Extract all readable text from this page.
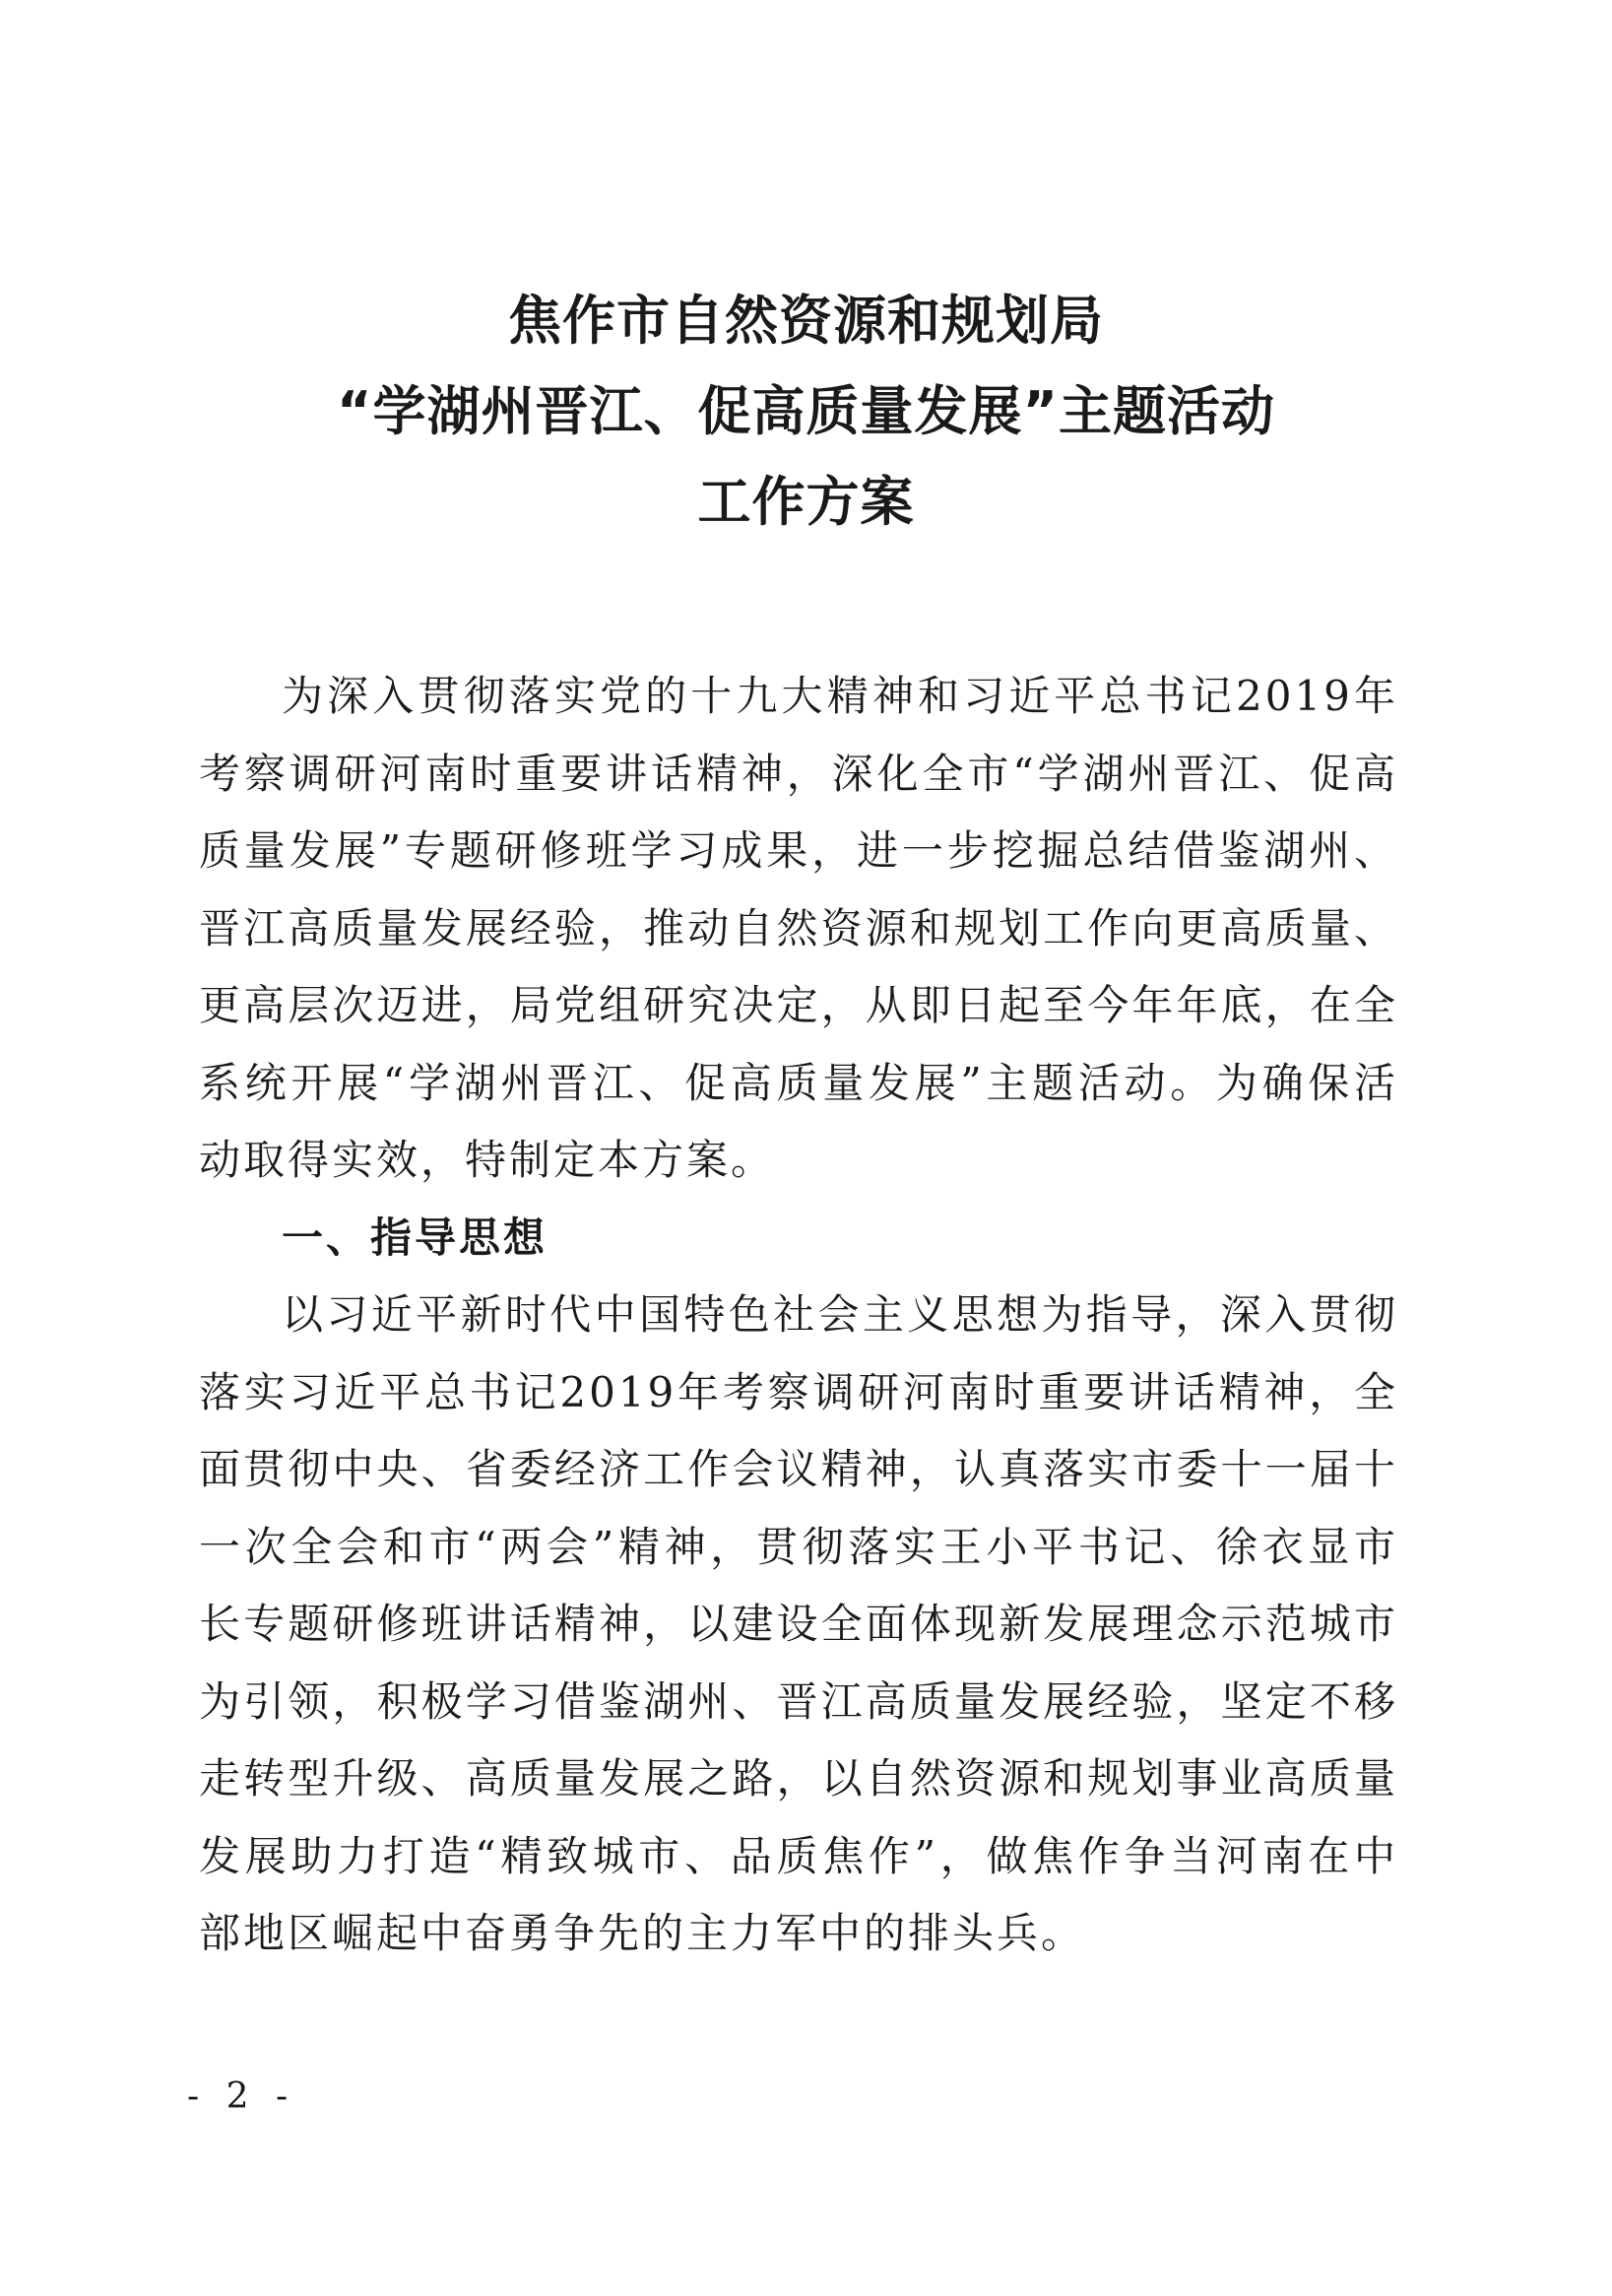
焦作市自然资源和规划局
“学湖州晋江、促高质量发展”主题活动
工作方案

为深入贯彻落实党的十九大精神和习近平总书记2019年考察调研河南时重要讲话精神，深化全市“学湖州晋江、促高质量发展”专题研修班学习成果，进一步挖掘总结借鉴湖州、晋江高质量发展经验，推动自然资源和规划工作向更高质量、更高层次迈进，局党组研究决定，从即日起至今年年底，在全系统开展“学湖州晋江、促高质量发展”主题活动。为确保活动取得实效，特制定本方案。

一、指导思想

以习近平新时代中国特色社会主义思想为指导，深入贯彻落实习近平总书记2019年考察调研河南时重要讲话精神，全面贯彻中央、省委经济工作会议精神，认真落实市委十一届十一次全会和市“两会”精神，贯彻落实王小平书记、徐衣显市长专题研修班讲话精神，以建设全面体现新发展理念示范城市为引领，积极学习借鉴湖州、晋江高质量发展经验，坚定不移走转型升级、高质量发展之路，以自然资源和规划事业高质量发展助力打造“精致城市、品质焦作”，做焦作争当河南在中部地区崛起中奋勇争先的主力军中的排头兵。

- 2 -
